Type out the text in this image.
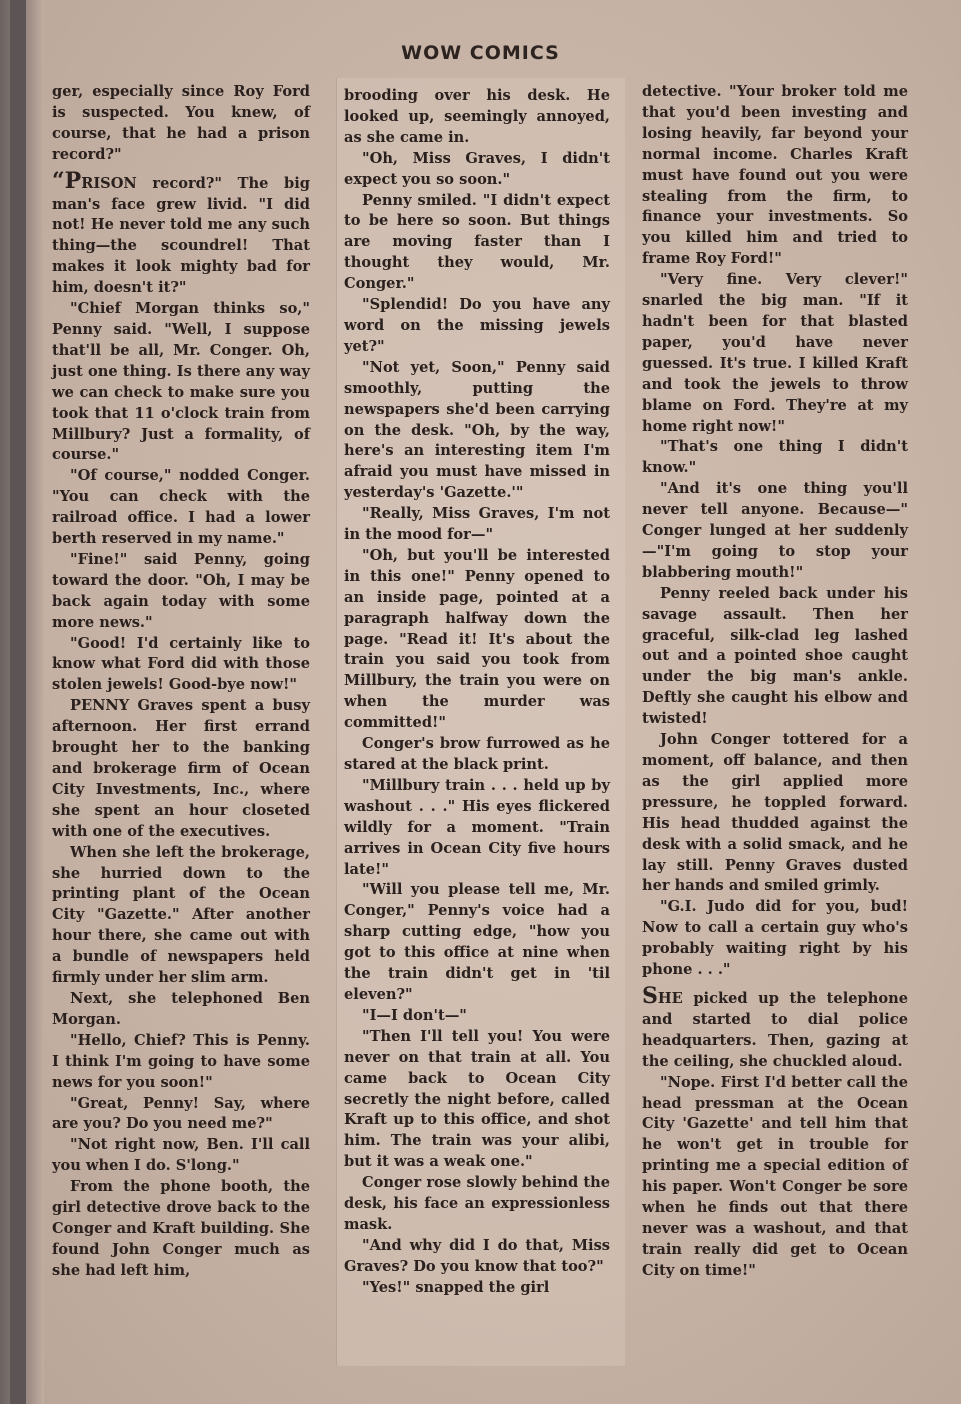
WOW COMICS

ger, especially since Roy Ford is suspected. You knew, of course, that he had a prison record?"

“PRISON record?" The big man's face grew livid. "I did not! He never told me any such thing—the scoundrel! That makes it look mighty bad for him, doesn't it?"

"Chief Morgan thinks so," Penny said. "Well, I suppose that'll be all, Mr. Conger. Oh, just one thing. Is there any way we can check to make sure you took that 11 o'clock train from Millbury? Just a formality, of course."

"Of course," nodded Conger. "You can check with the railroad office. I had a lower berth reserved in my name."

"Fine!" said Penny, going toward the door. "Oh, I may be back again today with some more news."

"Good! I'd certainly like to know what Ford did with those stolen jewels! Good-bye now!"

PENNY Graves spent a busy afternoon. Her first errand brought her to the banking and brokerage firm of Ocean City Investments, Inc., where she spent an hour closeted with one of the executives.

When she left the brokerage, she hurried down to the printing plant of the Ocean City "Gazette." After another hour there, she came out with a bundle of newspapers held firmly under her slim arm.

Next, she telephoned Ben Morgan.

"Hello, Chief? This is Penny. I think I'm going to have some news for you soon!"

"Great, Penny! Say, where are you? Do you need me?"

"Not right now, Ben. I'll call you when I do. S'long."

From the phone booth, the girl detective drove back to the Conger and Kraft building. She found John Conger much as she had left him,

brooding over his desk. He looked up, seemingly annoyed, as she came in.

"Oh, Miss Graves, I didn't expect you so soon."

Penny smiled. "I didn't expect to be here so soon. But things are moving faster than I thought they would, Mr. Conger."

"Splendid! Do you have any word on the missing jewels yet?"

"Not yet, Soon," Penny said smoothly, putting the newspapers she'd been carrying on the desk. "Oh, by the way, here's an interesting item I'm afraid you must have missed in yesterday's 'Gazette.'"

"Really, Miss Graves, I'm not in the mood for—"

"Oh, but you'll be interested in this one!" Penny opened to an inside page, pointed at a paragraph halfway down the page. "Read it! It's about the train you said you took from Millbury, the train you were on when the murder was committed!"

Conger's brow furrowed as he stared at the black print.

"Millbury train . . . held up by washout . . ." His eyes flickered wildly for a moment. "Train arrives in Ocean City five hours late!"

"Will you please tell me, Mr. Conger," Penny's voice had a sharp cutting edge, "how you got to this office at nine when the train didn't get in 'til eleven?"

"I—I don't—"

"Then I'll tell you! You were never on that train at all. You came back to Ocean City secretly the night before, called Kraft up to this office, and shot him. The train was your alibi, but it was a weak one."

Conger rose slowly behind the desk, his face an expressionless mask.

"And why did I do that, Miss Graves? Do you know that too?"

"Yes!" snapped the girl

detective. "Your broker told me that you'd been investing and losing heavily, far beyond your normal income. Charles Kraft must have found out you were stealing from the firm, to finance your investments. So you killed him and tried to frame Roy Ford!"

"Very fine. Very clever!" snarled the big man. "If it hadn't been for that blasted paper, you'd have never guessed. It's true. I killed Kraft and took the jewels to throw blame on Ford. They're at my home right now!"

"That's one thing I didn't know."

"And it's one thing you'll never tell anyone. Because—" Conger lunged at her suddenly—"I'm going to stop your blabbering mouth!"

Penny reeled back under his savage assault. Then her graceful, silk-clad leg lashed out and a pointed shoe caught under the big man's ankle. Deftly she caught his elbow and twisted!

John Conger tottered for a moment, off balance, and then as the girl applied more pressure, he toppled forward. His head thudded against the desk with a solid smack, and he lay still. Penny Graves dusted her hands and smiled grimly.

"G.I. Judo did for you, bud! Now to call a certain guy who's probably waiting right by his phone . . ."

SHE picked up the telephone and started to dial police headquarters. Then, gazing at the ceiling, she chuckled aloud.

"Nope. First I'd better call the head pressman at the Ocean City 'Gazette' and tell him that he won't get in trouble for printing me a special edition of his paper. Won't Conger be sore when he finds out that there never was a washout, and that train really did get to Ocean City on time!"
